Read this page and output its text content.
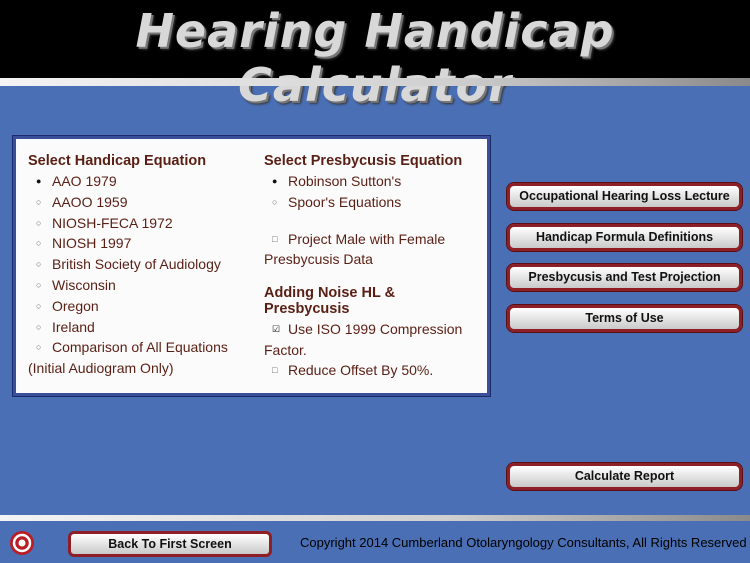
Hearing Handicap
Select Handicap Equation
● AAO 1979
○ AAOO 1959
○ NIOSH-FECA 1972
○ NIOSH 1997
○ British Society of Audiology
○ Wisconsin
○ Oregon
○ Ireland
○ Comparison of All Equations
(Initial Audiogram Only)
Select Presbycusis Equation
● Robinson Sutton's
○ Spoor's Equations
□ Project Male with Female
Presbycusis Data
Adding Noise HL & Presbycusis
☑ Use ISO 1999 Compression
Factor.
□ Reduce Offset By 50%.
Occupational Hearing Loss Lecture
Handicap Formula Definitions
Presbycusis and Test Projection
Terms of Use
Calculate Report
Back To First Screen	Copyright 2014 Cumberland Otolaryngology Consultants, All Rights Reserved
